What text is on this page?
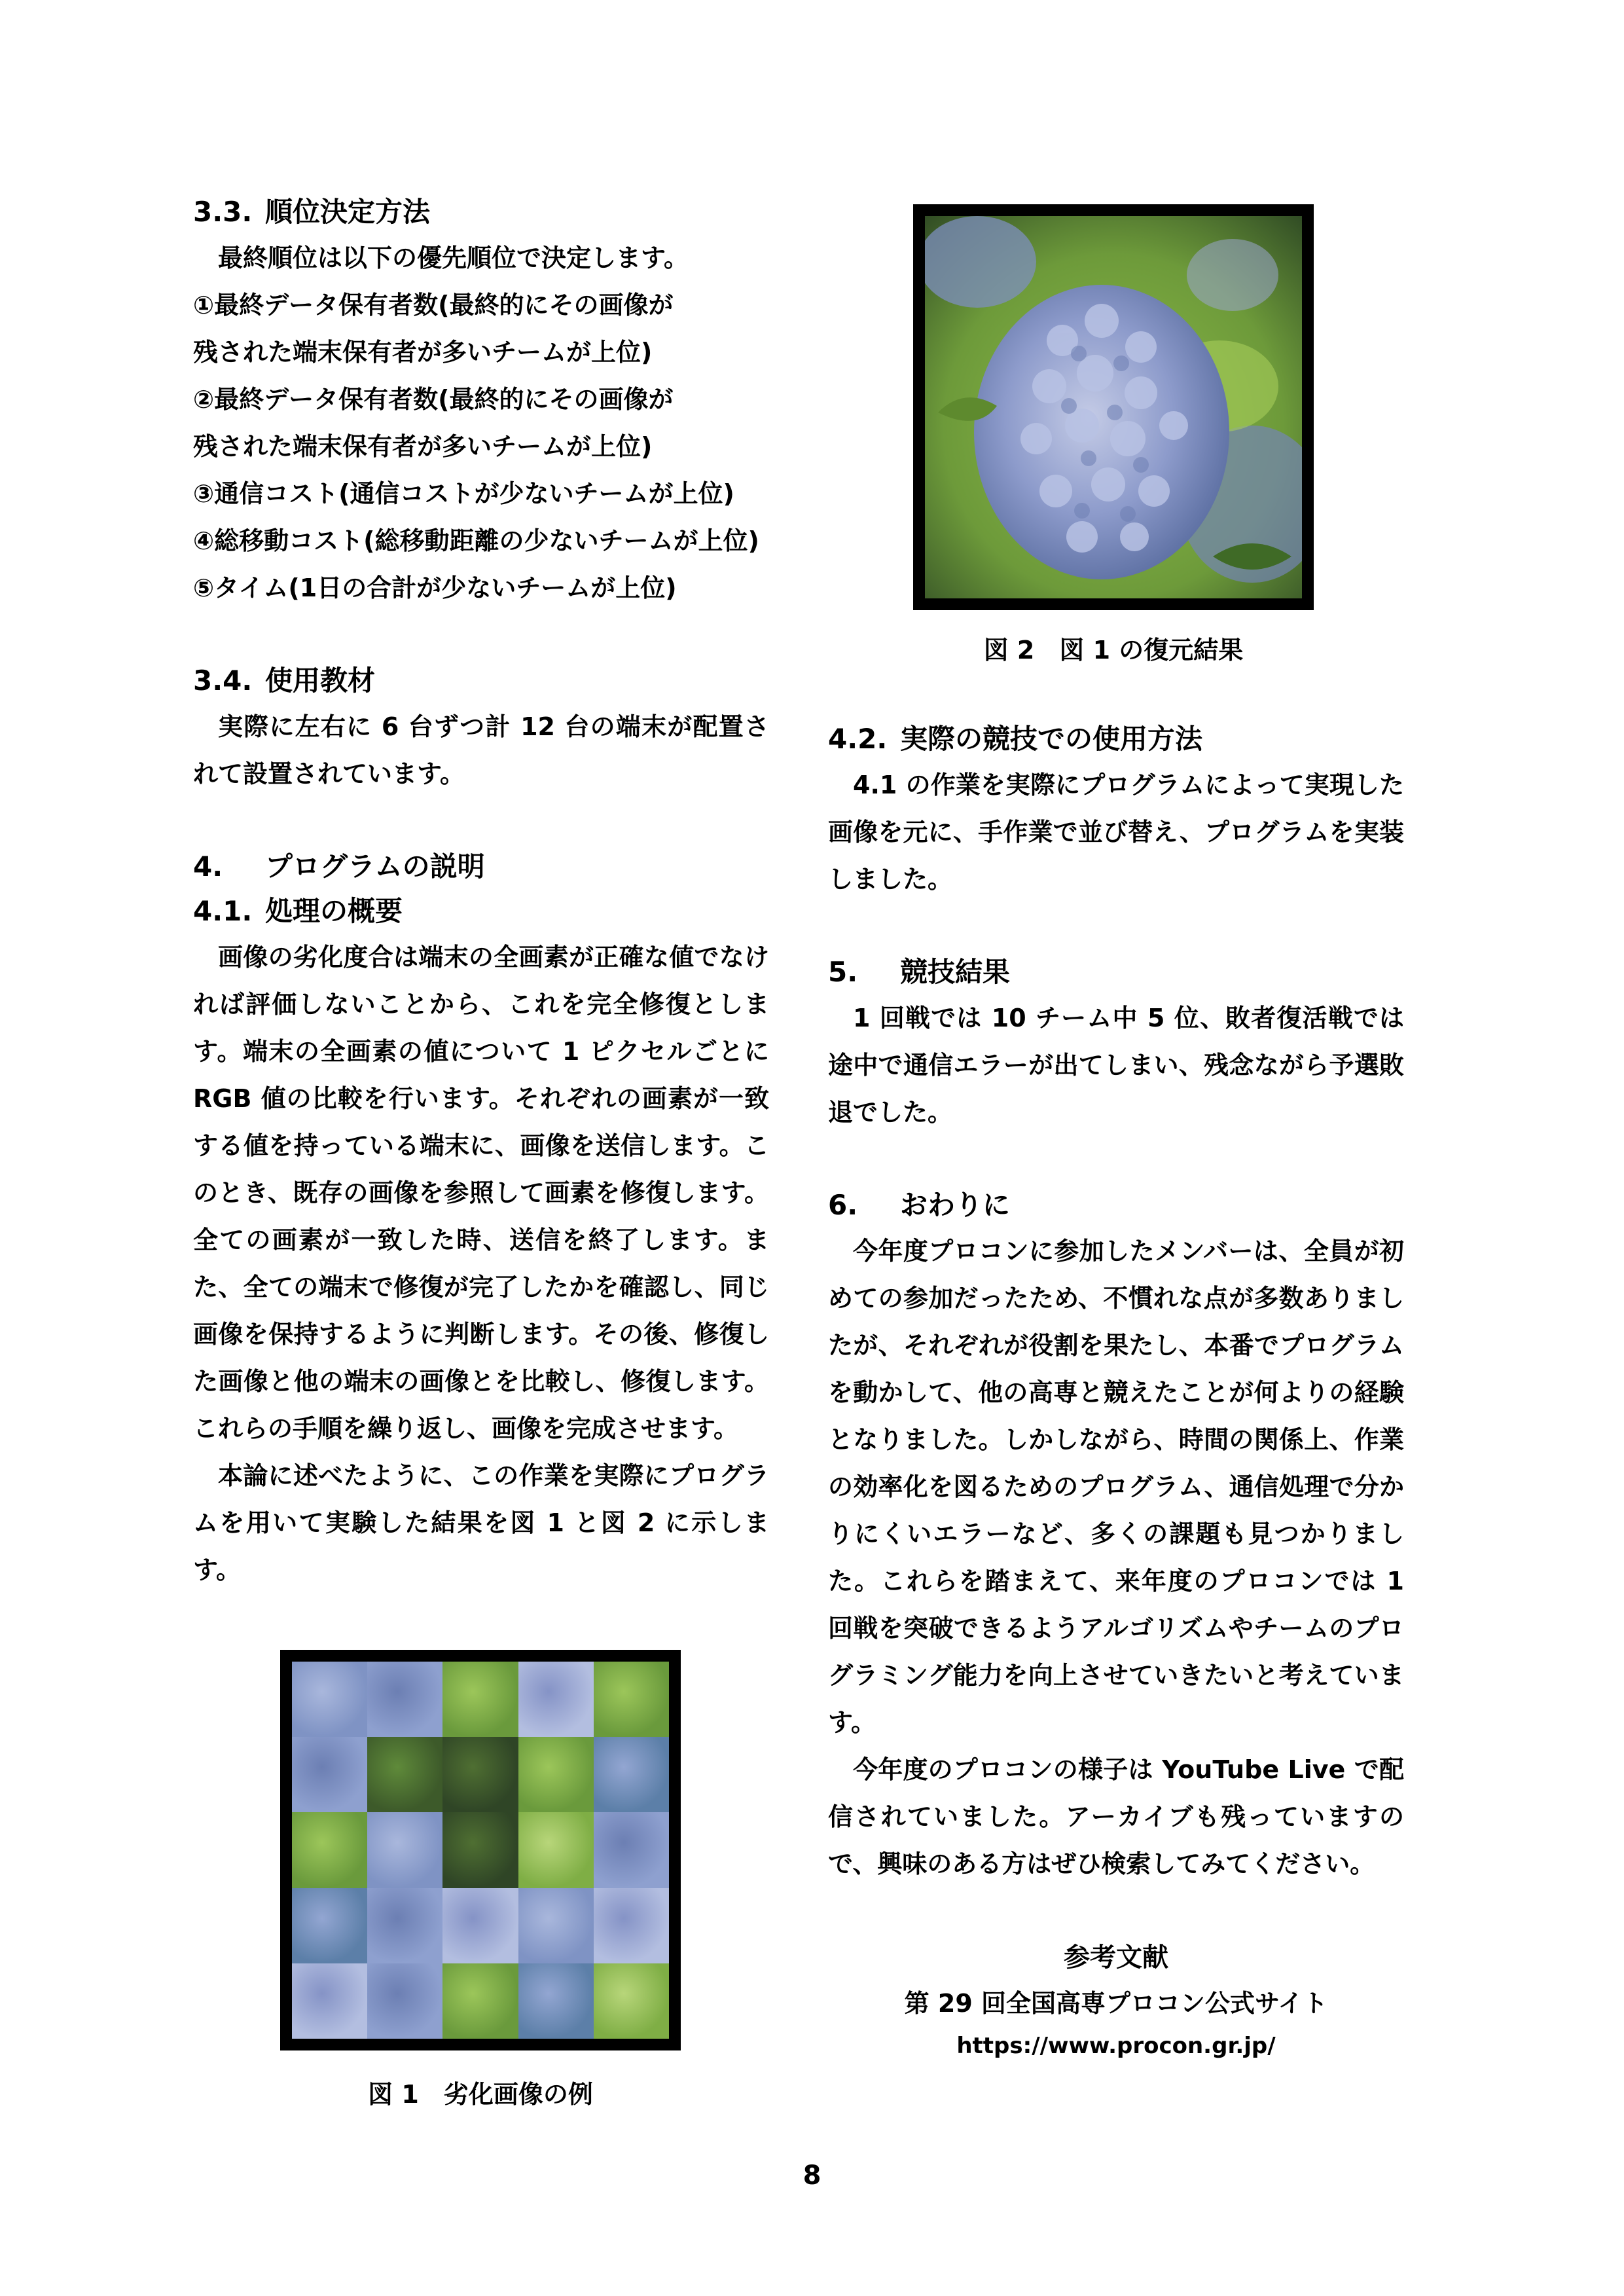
3.3. 順位決定方法

最終順位は以下の優先順位で決定します。

①最終データ保有者数(最終的にその画像が

残された端末保有者が多いチームが上位)

②最終データ保有者数(最終的にその画像が

残された端末保有者が多いチームが上位)

③通信コスト(通信コストが少ないチームが上位)

④総移動コスト(総移動距離の少ないチームが上位)

⑤タイム(1日の合計が少ないチームが上位)

3.4. 使用教材

実際に左右に 6 台ずつ計 12 台の端末が配置されて設置されています。

4. プログラムの説明

4.1. 処理の概要

画像の劣化度合は端末の全画素が正確な値でなければ評価しないことから、これを完全修復とします。端末の全画素の値について 1 ピクセルごとに RGB 値の比較を行います。それぞれの画素が一致する値を持っている端末に、画像を送信します。このとき、既存の画像を参照して画素を修復します。全ての画素が一致した時、送信を終了します。また、全ての端末で修復が完了したかを確認し、同じ画像を保持するように判断します。その後、修復した画像と他の端末の画像とを比較し、修復します。これらの手順を繰り返し、画像を完成させます。

本論に述べたように、この作業を実際にプログラムを用いて実験した結果を図 1 と図 2 に示します。

図 1　劣化画像の例

図 2　図 1 の復元結果

4.2. 実際の競技での使用方法

4.1 の作業を実際にプログラムによって実現した画像を元に、手作業で並び替え、プログラムを実装しました。

5. 競技結果

1 回戦では 10 チーム中 5 位、敗者復活戦では途中で通信エラーが出てしまい、残念ながら予選敗退でした。

6. おわりに

今年度プロコンに参加したメンバーは、全員が初めての参加だったため、不慣れな点が多数ありましたが、それぞれが役割を果たし、本番でプログラムを動かして、他の高専と競えたことが何よりの経験となりました。しかしながら、時間の関係上、作業の効率化を図るためのプログラム、通信処理で分かりにくいエラーなど、多くの課題も見つかりました。これらを踏まえて、来年度のプロコンでは 1 回戦を突破できるようアルゴリズムやチームのプログラミング能力を向上させていきたいと考えています。

今年度のプロコンの様子は YouTube Live で配信されていました。アーカイブも残っていますので、興味のある方はぜひ検索してみてください。

参考文献

第 29 回全国高専プロコン公式サイト

https://www.procon.gr.jp/

8
